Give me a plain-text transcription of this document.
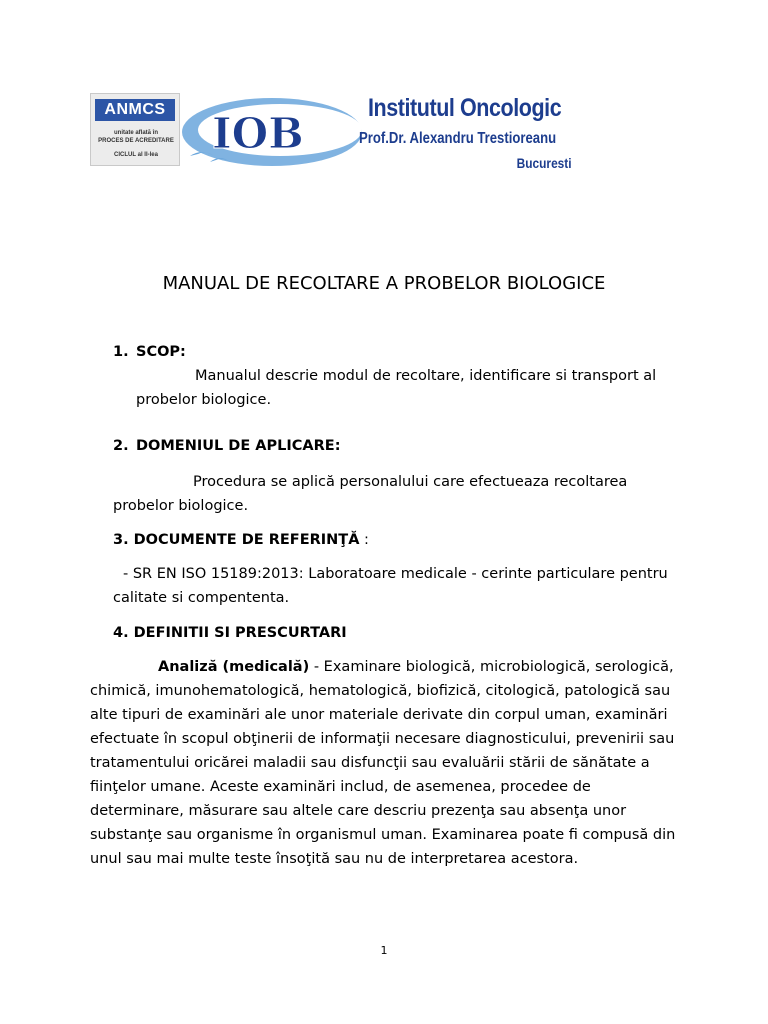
ANMCS
unitate aflată în
PROCES DE ACREDITARE
CICLUL al II-lea	IOB
Institutul Oncologic
Prof.Dr. Alexandru Trestioreanu
Bucuresti
MANUAL DE RECOLTARE A PROBELOR BIOLOGICE
1. SCOP:
Manualul descrie modul de recoltare, identificare si transport al
probelor biologice.
2. DOMENIUL DE APLICARE:
Procedura se aplică personalului care efectueaza recoltarea
probelor biologice.
3. DOCUMENTE DE REFERINŢĂ :
- SR EN ISO 15189:2013: Laboratoare medicale - cerinte particulare pentru
calitate si compententa.
4. DEFINITII SI PRESCURTARI
Analiză (medicală) - Examinare biologică, microbiologică, serologică,
chimică, imunohematologică, hematologică, biofizică, citologică, patologică sau
alte tipuri de examinări ale unor materiale derivate din corpul uman, examinări
efectuate în scopul obţinerii de informaţii necesare diagnosticului, prevenirii sau
tratamentului oricărei maladii sau disfuncţii sau evaluării stării de sănătate a
fiinţelor umane. Aceste examinări includ, de asemenea, procedee de
determinare, măsurare sau altele care descriu prezenţa sau absenţa unor
substanţe sau organisme în organismul uman. Examinarea poate fi compusă din
unul sau mai multe teste însoţită sau nu de interpretarea acestora.
1
